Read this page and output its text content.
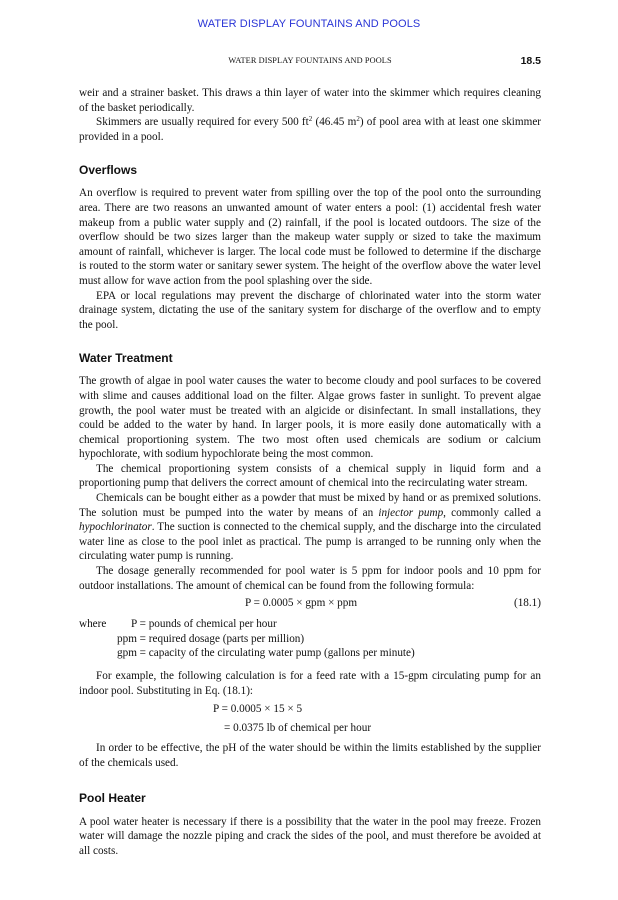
WATER DISPLAY FOUNTAINS AND POOLS
WATER DISPLAY FOUNTAINS AND POOLS	18.5

weir and a strainer basket. This draws a thin layer of water into the skimmer which requires cleaning of the basket periodically.

Skimmers are usually required for every 500 $ft^2$ (46.45 $m^2$) of pool area with at least one skimmer provided in a pool.

Overflows

An overflow is required to prevent water from spilling over the top of the pool onto the surrounding area. There are two reasons an unwanted amount of water enters a pool: (1) accidental fresh water makeup from a public water supply and (2) rainfall, if the pool is located outdoors. The size of the overflow should be two sizes larger than the makeup water supply or sized to take the maximum amount of rainfall, whichever is larger. The local code must be followed to determine if the discharge is routed to the storm water or sanitary sewer system. The height of the overflow above the water level must allow for wave action from the pool splashing over the side.

EPA or local regulations may prevent the discharge of chlorinated water into the storm water drainage system, dictating the use of the sanitary system for discharge of the overflow and to empty the pool.

Water Treatment

The growth of algae in pool water causes the water to become cloudy and pool surfaces to be covered with slime and causes additional load on the filter. Algae grows faster in sunlight. To prevent algae growth, the pool water must be treated with an algicide or disinfectant. In small installations, they could be added to the water by hand. In larger pools, it is more easily done automatically with a chemical proportioning system. The two most often used chemicals are sodium or calcium hypochlorate, with sodium hypochlorate being the most common.

The chemical proportioning system consists of a chemical supply in liquid form and a proportioning pump that delivers the correct amount of chemical into the recirculating water stream.

Chemicals can be bought either as a powder that must be mixed by hand or as premixed solutions. The solution must be pumped into the water by means of an injector pump, commonly called a hypochlorinator. The suction is connected to the chemical supply, and the discharge into the circulated water line as close to the pool inlet as practical. The pump is arranged to be running only when the circulating water pump is running.

The dosage generally recommended for pool water is 5 ppm for indoor pools and 10 ppm for outdoor installations. The amount of chemical can be found from the following formula:

P = 0.0005 × gpm × ppm	(18.1)
where P = pounds of chemical per hour
ppm = required dosage (parts per million)
gpm = capacity of the circulating water pump (gallons per minute)

For example, the following calculation is for a feed rate with a 15-gpm circulating pump for an indoor pool. Substituting in Eq. (18.1):

P = 0.0005 × 15 × 5
= 0.0375 lb of chemical per hour

In order to be effective, the pH of the water should be within the limits established by the supplier of the chemicals used.

Pool Heater

A pool water heater is necessary if there is a possibility that the water in the pool may freeze. Frozen water will damage the nozzle piping and crack the sides of the pool, and must therefore be avoided at all costs.
